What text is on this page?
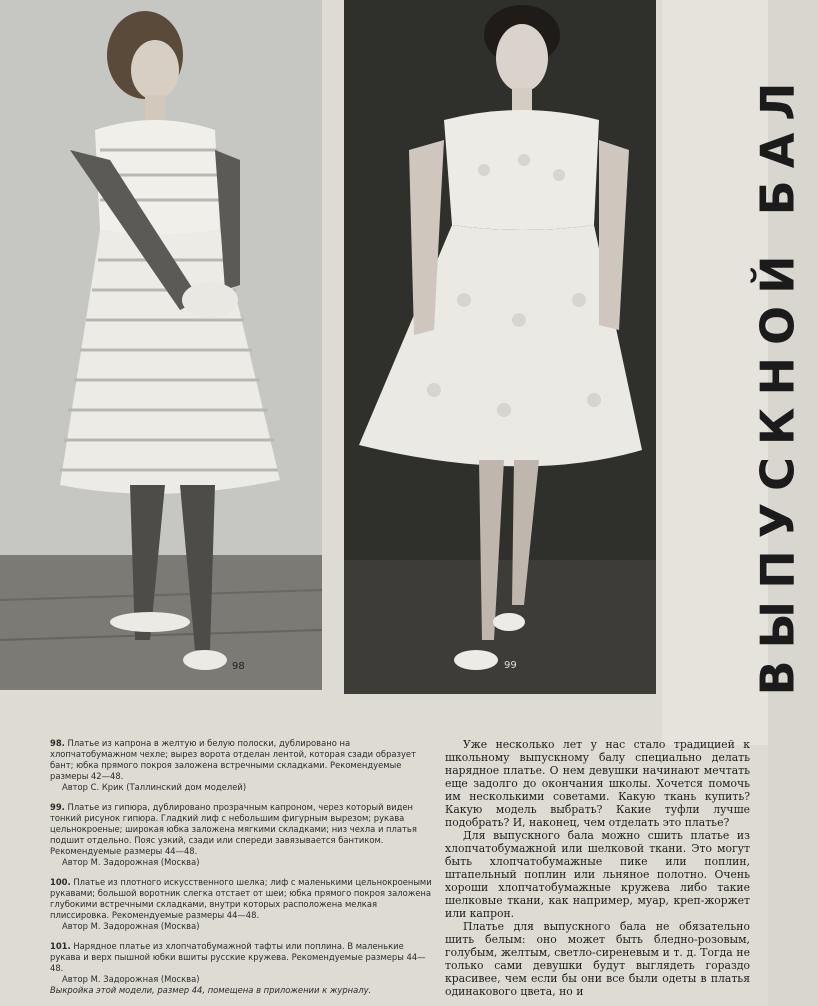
98	99	ВЫПУСКНОЙ БАЛ
98. Платье из капрона в желтую и белую полоски, дублировано на хлопчатобумажном чехле; вырез ворота отделан лентой, которая сзади образует бант; юбка прямого покроя заложена встречными складками. Рекомендуемые размеры 42—48.
Автор С. Крик (Таллинский дом моделей)
99. Платье из гипюра, дублировано прозрачным капроном, через который виден тонкий рисунок гипюра. Гладкий лиф с небольшим фигурным вырезом; рукава цельнокроеные; широкая юбка заложена мягкими складками; низ чехла и платья подшит отдельно. Пояс узкий, сзади или спереди завязывается бантиком. Рекомендуемые размеры 44—48.
Автор М. Задорожная (Москва)
100. Платье из плотного искусственного шелка; лиф с маленькими цельнокроеными рукавами; большой воротник слегка отстает от шеи; юбка прямого покроя заложена глубокими встречными складками, внутри которых расположена мелкая плиссировка. Рекомендуемые размеры 44—48.
Автор М. Задорожная (Москва)
101. Нарядное платье из хлопчатобумажной тафты или поплина. В маленькие рукава и верх пышной юбки вшиты русские кружева. Рекомендуемые размеры 44—48.
Автор М. Задорожная (Москва)
Выкройка этой модели, размер 44, помещена в приложении к журналу.

Уже несколько лет у нас стало традицией к школьному выпускному балу специально делать нарядное платье. О нем девушки начинают мечтать еще задолго до окончания школы. Хочется помочь им несколькими советами. Какую ткань купить? Какую модель выбрать? Какие туфли лучше подобрать? И, наконец, чем отделать это платье?

Для выпускного бала можно сшить платье из хлопчатобумажной или шелковой ткани. Это могут быть хлопчатобумажные пике или поплин, штапельный поплин или льняное полотно. Очень хороши хлопчатобумажные кружева либо такие шелковые ткани, как например, муар, креп-жоржет или капрон.

Платье для выпускного бала не обязательно шить белым: оно может быть бледно-розовым, голубым, желтым, светло-сиреневым и т. д. Тогда не только сами девушки будут выглядеть гораздо красивее, чем если бы они все были одеты в платья одинакового цвета, но и
